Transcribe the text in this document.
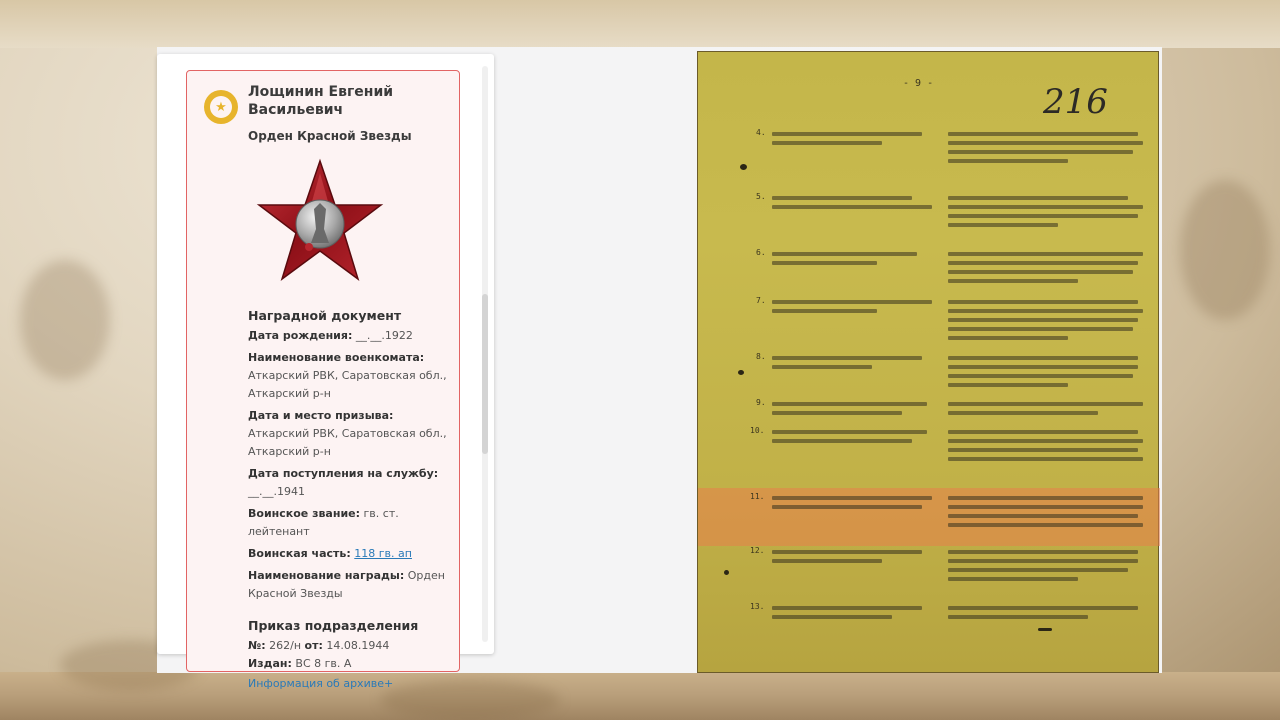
★
Лощинин Евгений Васильевич
Орден Красной Звезды
Наградной документ
Дата рождения: __.__.1922
Наименование военкомата:
Аткарский РВК, Саратовская обл., Аткарский р-н
Дата и место призыва: Аткарский РВК, Саратовская обл., Аткарский р-н
Дата поступления на службу:
__.__.1941
Воинское звание: гв. ст. лейтенант
Воинская часть: 118 гв. ап
Наименование награды: Орден Красной Звезды
Приказ подразделения
№: 262/н от: 14.08.1944
Издан: ВС 8 гв. А
Информация об архиве+
- 9 -	216
4.
5.
6.
7.
8.
9.
10.
11.
12.
13.
